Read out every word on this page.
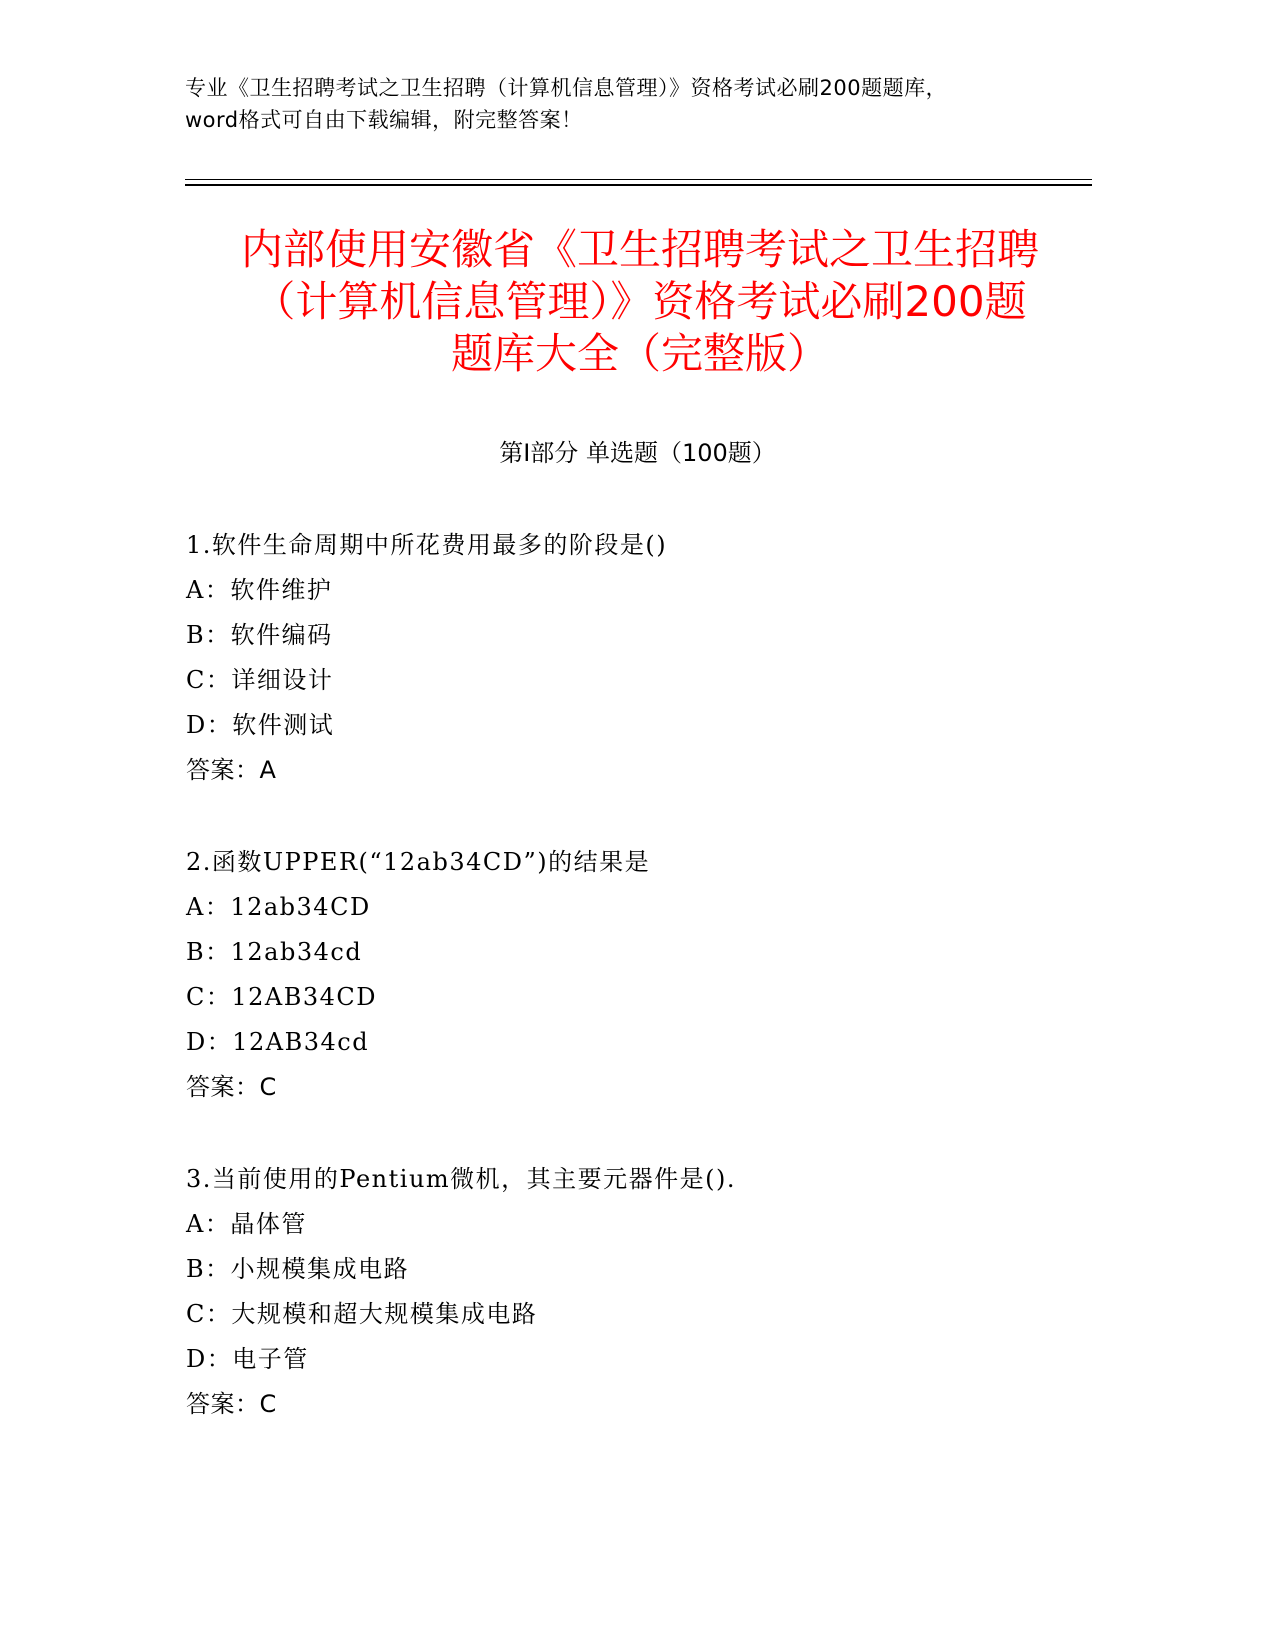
专业《卫生招聘考试之卫生招聘（计算机信息管理）》资格考试必刷200题题库，
word格式可自由下载编辑，附完整答案！
内部使用安徽省《卫生招聘考试之卫生招聘
（计算机信息管理）》资格考试必刷200题
题库大全（完整版）
第Ⅰ部分 单选题（100题）
1.软件生命周期中所花费用最多的阶段是()
A：软件维护
B：软件编码
C：详细设计
D：软件测试
答案：A
2.函数UPPER(“12ab34CD”)的结果是
A：12ab34CD
B：12ab34cd
C：12AB34CD
D：12AB34cd
答案：C
3.当前使用的Pentium微机，其主要元器件是().
A：晶体管
B：小规模集成电路
C：大规模和超大规模集成电路
D：电子管
答案：C
